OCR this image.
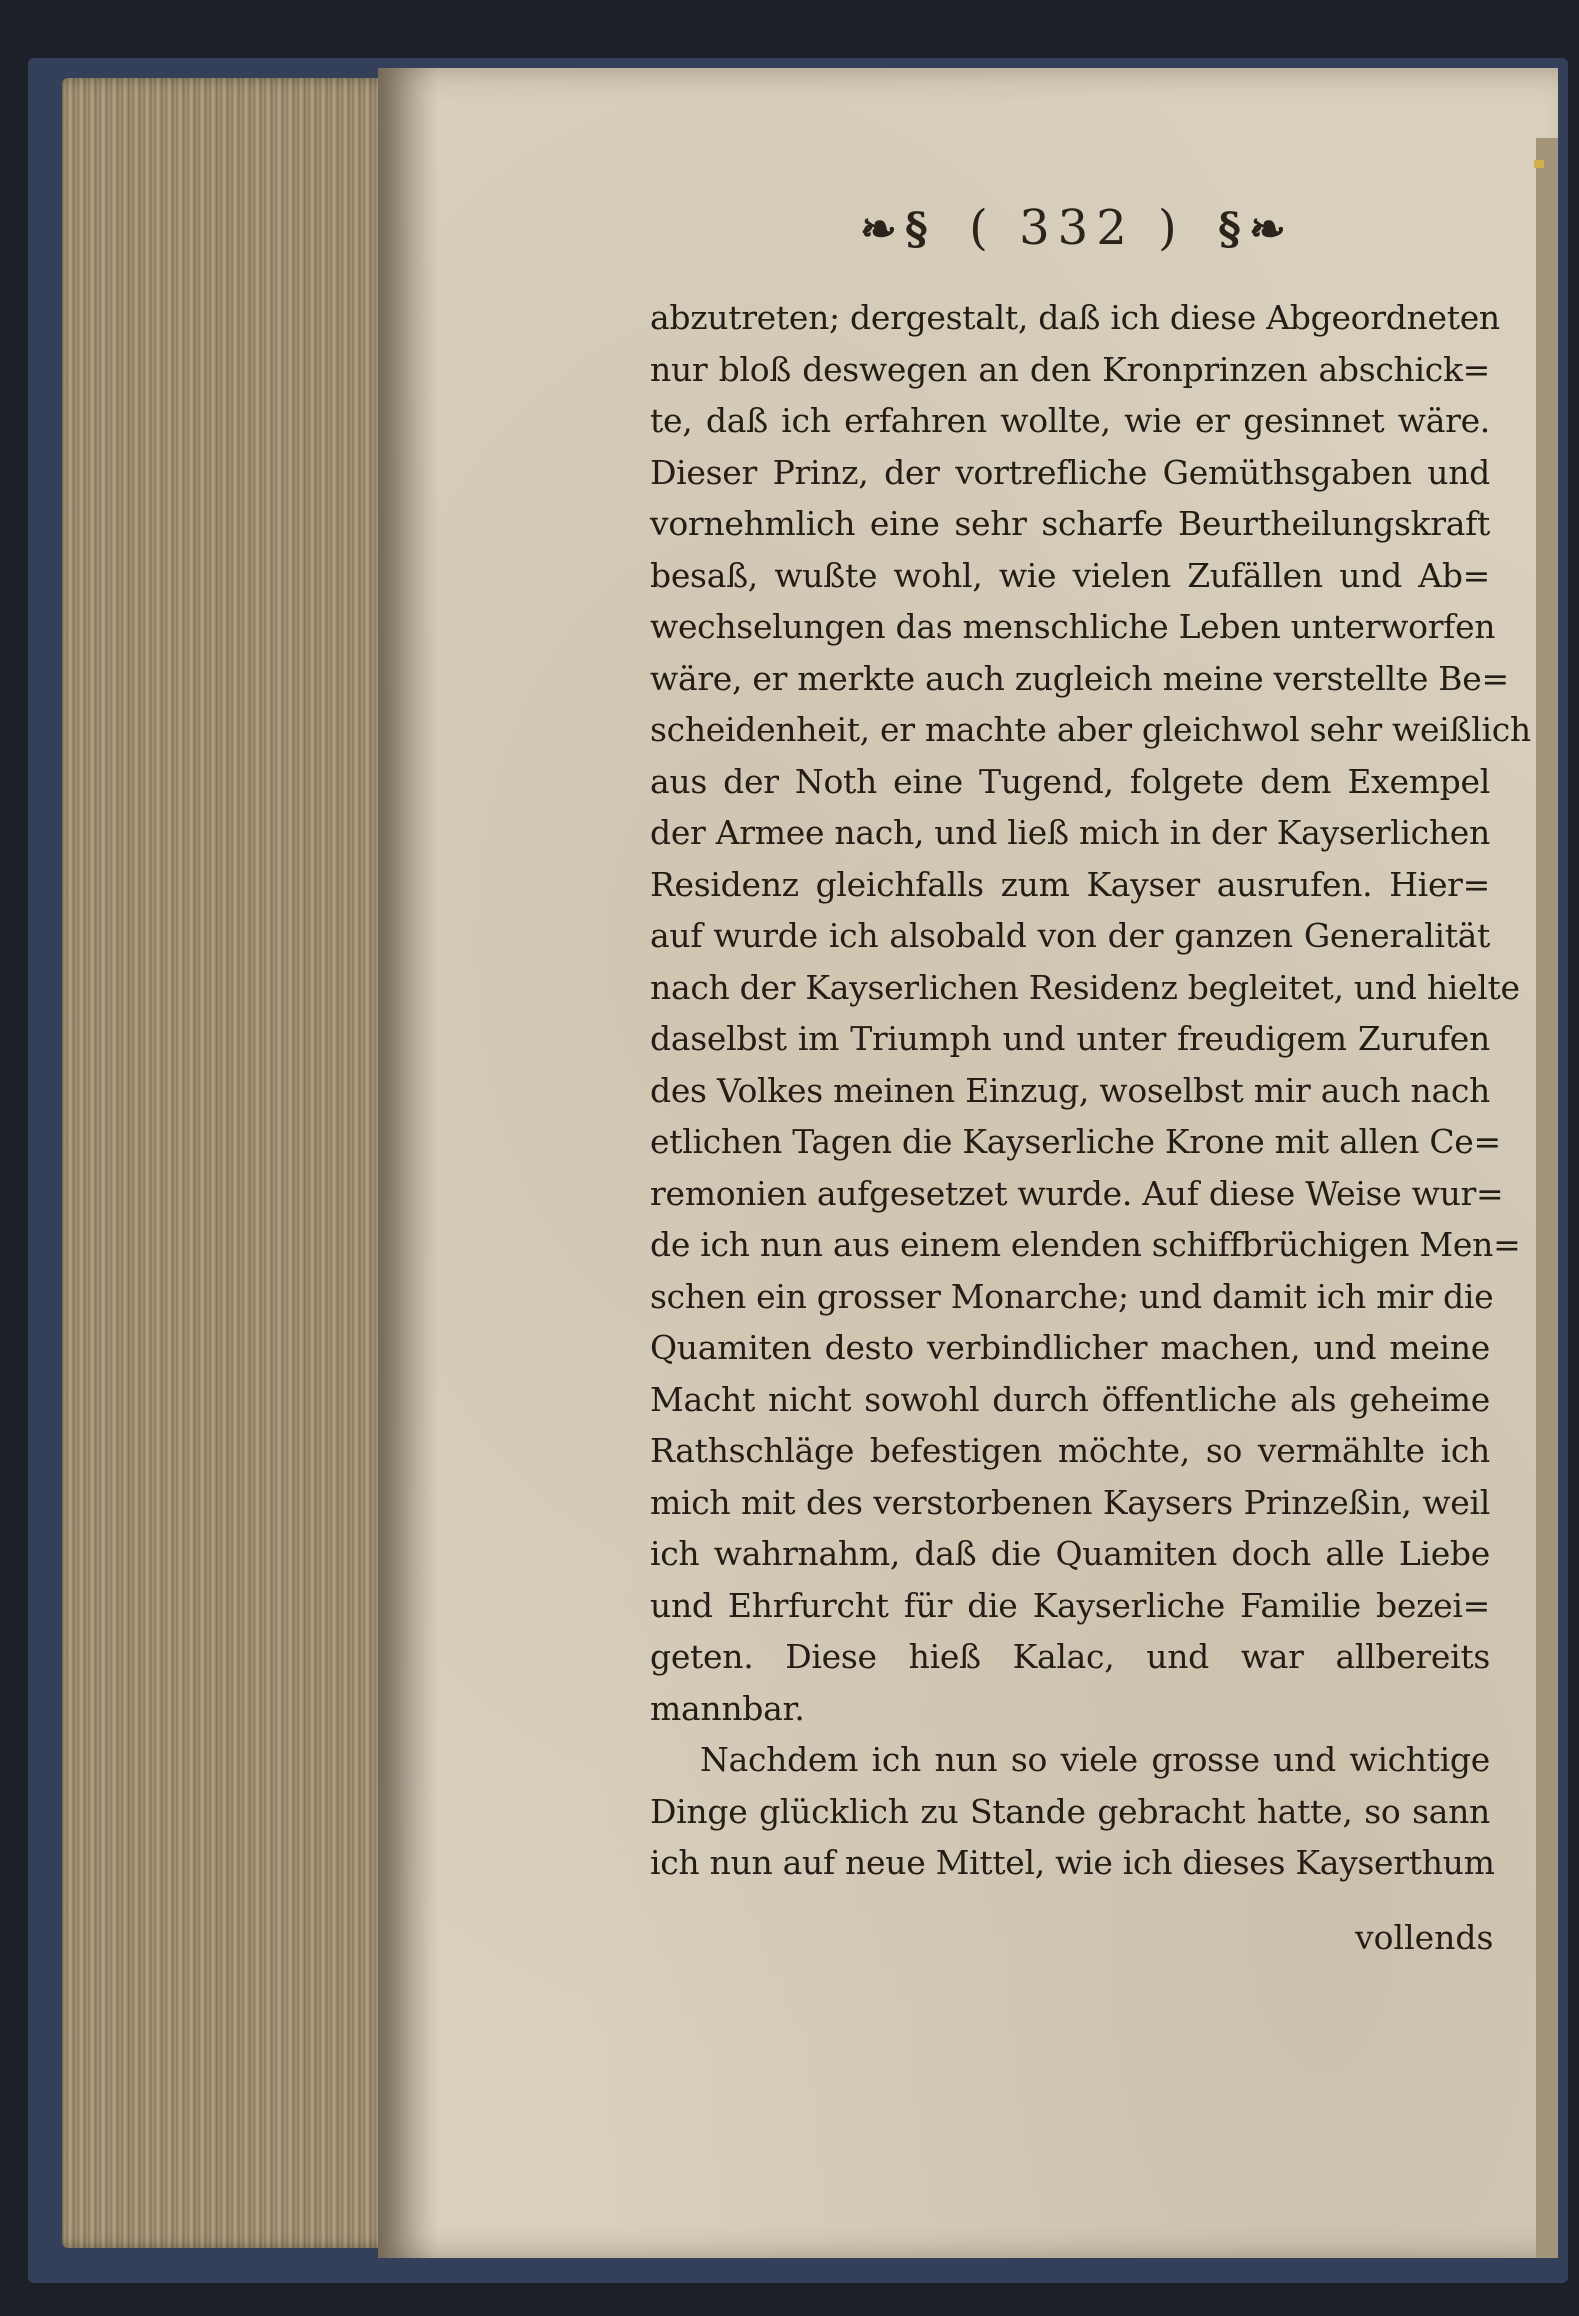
❧§ ( 332 ) §❧
abzutreten; dergestalt, daß ich diese Abgeordneten
nur bloß deswegen an den Kronprinzen abschick=
te, daß ich erfahren wollte, wie er gesinnet wäre.
Dieser Prinz, der vortrefliche Gemüthsgaben und
vornehmlich eine sehr scharfe Beurtheilungskraft
besaß, wußte wohl, wie vielen Zufällen und Ab=
wechselungen das menschliche Leben unterworfen
wäre, er merkte auch zugleich meine verstellte Be=
scheidenheit, er machte aber gleichwol sehr weißlich
aus der Noth eine Tugend, folgete dem Exempel
der Armee nach, und ließ mich in der Kayserlichen
Residenz gleichfalls zum Kayser ausrufen. Hier=
auf wurde ich alsobald von der ganzen Generalität
nach der Kayserlichen Residenz begleitet, und hielte
daselbst im Triumph und unter freudigem Zurufen
des Volkes meinen Einzug, woselbst mir auch nach
etlichen Tagen die Kayserliche Krone mit allen Ce=
remonien aufgesetzet wurde. Auf diese Weise wur=
de ich nun aus einem elenden schiffbrüchigen Men=
schen ein grosser Monarche; und damit ich mir die
Quamiten desto verbindlicher machen, und meine
Macht nicht sowohl durch öffentliche als geheime
Rathschläge befestigen möchte, so vermählte ich
mich mit des verstorbenen Kaysers Prinzeßin, weil
ich wahrnahm, daß die Quamiten doch alle Liebe
und Ehrfurcht für die Kayserliche Familie bezei=
geten. Diese hieß Kalac, und war allbereits
mannbar.
Nachdem ich nun so viele grosse und wichtige
Dinge glücklich zu Stande gebracht hatte, so sann
ich nun auf neue Mittel, wie ich dieses Kayserthum
vollends
